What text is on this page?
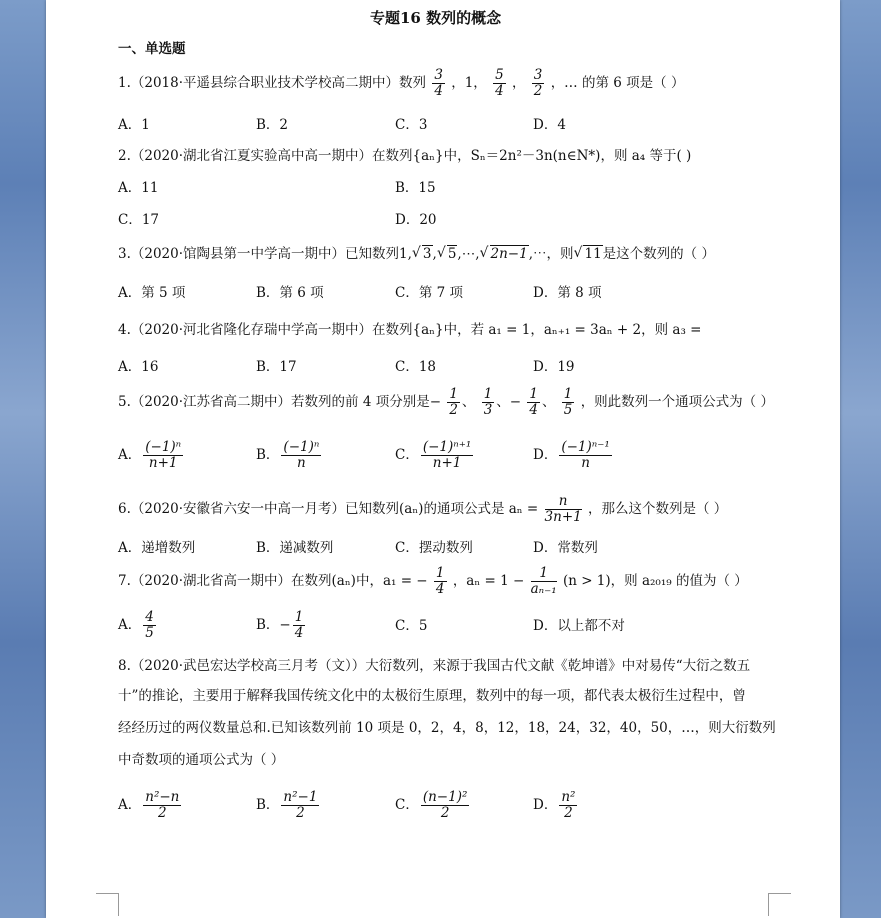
专题16 数列的概念
一、单选题
1.（2018·平遥县综合职业技术学校高二期中）数列 $\frac{3}{4}$ ，1， $\frac{5}{4}$ ， $\frac{3}{2}$ ，… 的第 6 项是（ ）
A．1	B．2	C．3	D．4
2.（2020·湖北省江夏实验高中高一期中）在数列{aₙ}中，Sₙ＝2n²－3n(n∈N*)，则 a₄ 等于( )
A．11	B．15
C．17	D．20
3.（2020·馆陶县第一中学高一期中）已知数列1, √ 3, √ 5,⋯, √ 2n−1,⋯，则 √ 11是这个数列的（ ）
A．第 5 项	B．第 6 项	C．第 7 项	D．第 8 项
4.（2020·河北省隆化存瑞中学高一期中）在数列{aₙ}中，若 a₁ = 1，aₙ₊₁ = 3aₙ + 2，则 a₃ =
A．16	B．17	C．18	D．19
5.（2020·江苏省高二期中）若数列的前 4 项分别是− $\frac{1}{2}$ 、 $\frac{1}{3}$ 、− $\frac{1}{4}$ 、 $\frac{1}{5}$ ，则此数列一个通项公式为（ ）
A． $\frac{\text{(−1)ⁿ}}{n+1}$	B． $\frac{\text{(−1)ⁿ}}{n}$	C． $\frac{\text{(−1)ⁿ⁺¹}}{n+1}$	D． $\frac{\text{(−1)ⁿ⁻¹}}{n}$
6.（2020·安徽省六安一中高一月考）已知数列(aₙ)的通项公式是 $a_n = \frac{n}{3n+1}$ ，那么这个数列是（ ）
A．递增数列	B．递减数列	C．摆动数列	D．常数列
7.（2020·湖北省高一期中）在数列(aₙ)中，a₁ = − $\frac{1}{4}$ ，$a_n = 1 - \frac{1}{\text{aₙ₋₁}} (n > 1)$，则 a₂₀₁₉ 的值为（ ）
A． $\frac{4}{5}$	B．− $\frac{1}{4}$	C．5	D．以上都不对
8.（2020·武邑宏达学校高三月考（文））大衍数列，来源于我国古代文献《乾坤谱》中对易传“大衍之数五
十”的推论，主要用于解释我国传统文化中的太极衍生原理，数列中的每一项，都代表太极衍生过程中，曾
经经历过的两仪数量总和.已知该数列前 10 项是 0，2，4，8，12，18，24，32，40，50，…，则大衍数列
中奇数项的通项公式为（ ）
A． $\frac{\text{n²−n}}{2}$	B． $\frac{\text{n²−1}}{2}$	C． $\frac{\text{(n−1)²}}{2}$	D． $\frac{\text{n²}}{2}$
